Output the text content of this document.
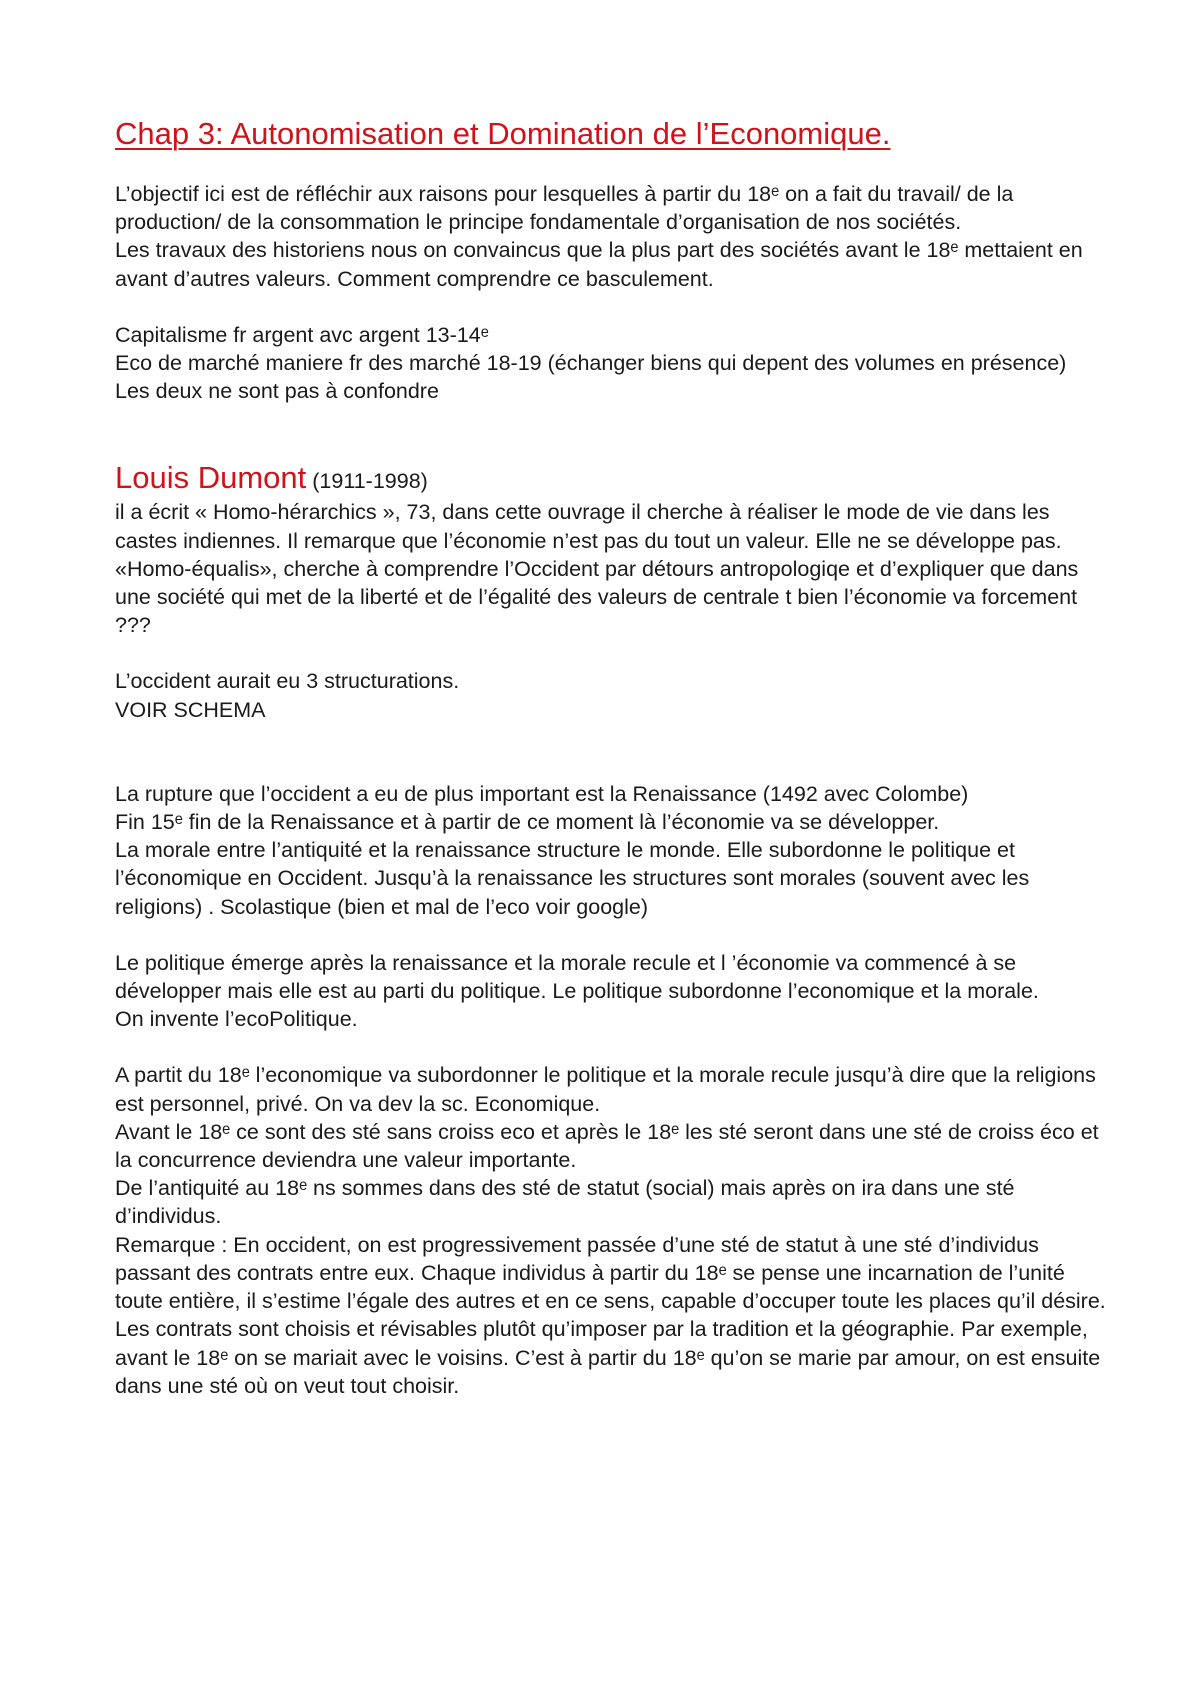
Chap 3: Autonomisation et Domination de l’Economique.

L’objectif ici est de réfléchir aux raisons pour lesquelles à partir du 18ᵉ on a fait du travail/ de la production/ de la consommation le principe fondamentale d’organisation de nos sociétés.

Les travaux des historiens nous on convaincus que la plus part des sociétés avant le 18ᵉ mettaient en avant d’autres valeurs. Comment comprendre ce basculement.

Capitalisme fr argent avc argent 13-14ᵉ

Eco de marché maniere fr des marché 18-19 (échanger biens qui depent des volumes en présence)

Les deux ne sont pas à confondre

Louis Dumont (1911-1998)

il a écrit « Homo-hérarchics », 73, dans cette ouvrage il cherche à réaliser le mode de vie dans les castes indiennes. Il remarque que l’économie n’est pas du tout un valeur. Elle ne se développe pas.

«Homo-équalis», cherche à comprendre l’Occident par détours antropologiqe et d’expliquer que dans une société qui met de la liberté et de l’égalité des valeurs de centrale t bien l’économie va forcement ???

L’occident aurait eu 3 structurations.

VOIR SCHEMA

La rupture que l’occident a eu de plus important est la Renaissance (1492 avec Colombe)

Fin 15ᵉ fin de la Renaissance et à partir de ce moment là l’économie va se développer.

La morale entre l’antiquité et la renaissance structure le monde. Elle subordonne le politique et l’économique en Occident. Jusqu’à la renaissance les structures sont morales (souvent avec les religions) . Scolastique (bien et mal de l’eco voir google)

Le politique émerge après la renaissance et la morale recule et l ’économie va commencé à se développer mais elle est au parti du politique. Le politique subordonne l’economique et la morale.

On invente l’ecoPolitique.

A partit du 18ᵉ l’economique va subordonner le politique et la morale recule jusqu’à dire que la religions est personnel, privé. On va dev la sc. Economique.

Avant le 18ᵉ ce sont des sté sans croiss eco et après le 18ᵉ les sté seront dans une sté de croiss éco et la concurrence deviendra une valeur importante.

De l’antiquité au 18ᵉ ns sommes dans des sté de statut (social) mais après on ira dans une sté d’individus.

Remarque : En occident, on est progressivement passée d’une sté de statut à une sté d’individus passant des contrats entre eux. Chaque individus à partir du 18ᵉ se pense une incarnation de l’unité toute entière, il s’estime l’égale des autres et en ce sens, capable d’occuper toute les places qu’il désire.

Les contrats sont choisis et révisables plutôt qu’imposer par la tradition et la géographie. Par exemple, avant le 18ᵉ on se mariait avec le voisins. C’est à partir du 18ᵉ qu’on se marie par amour, on est ensuite dans une sté où on veut tout choisir.
